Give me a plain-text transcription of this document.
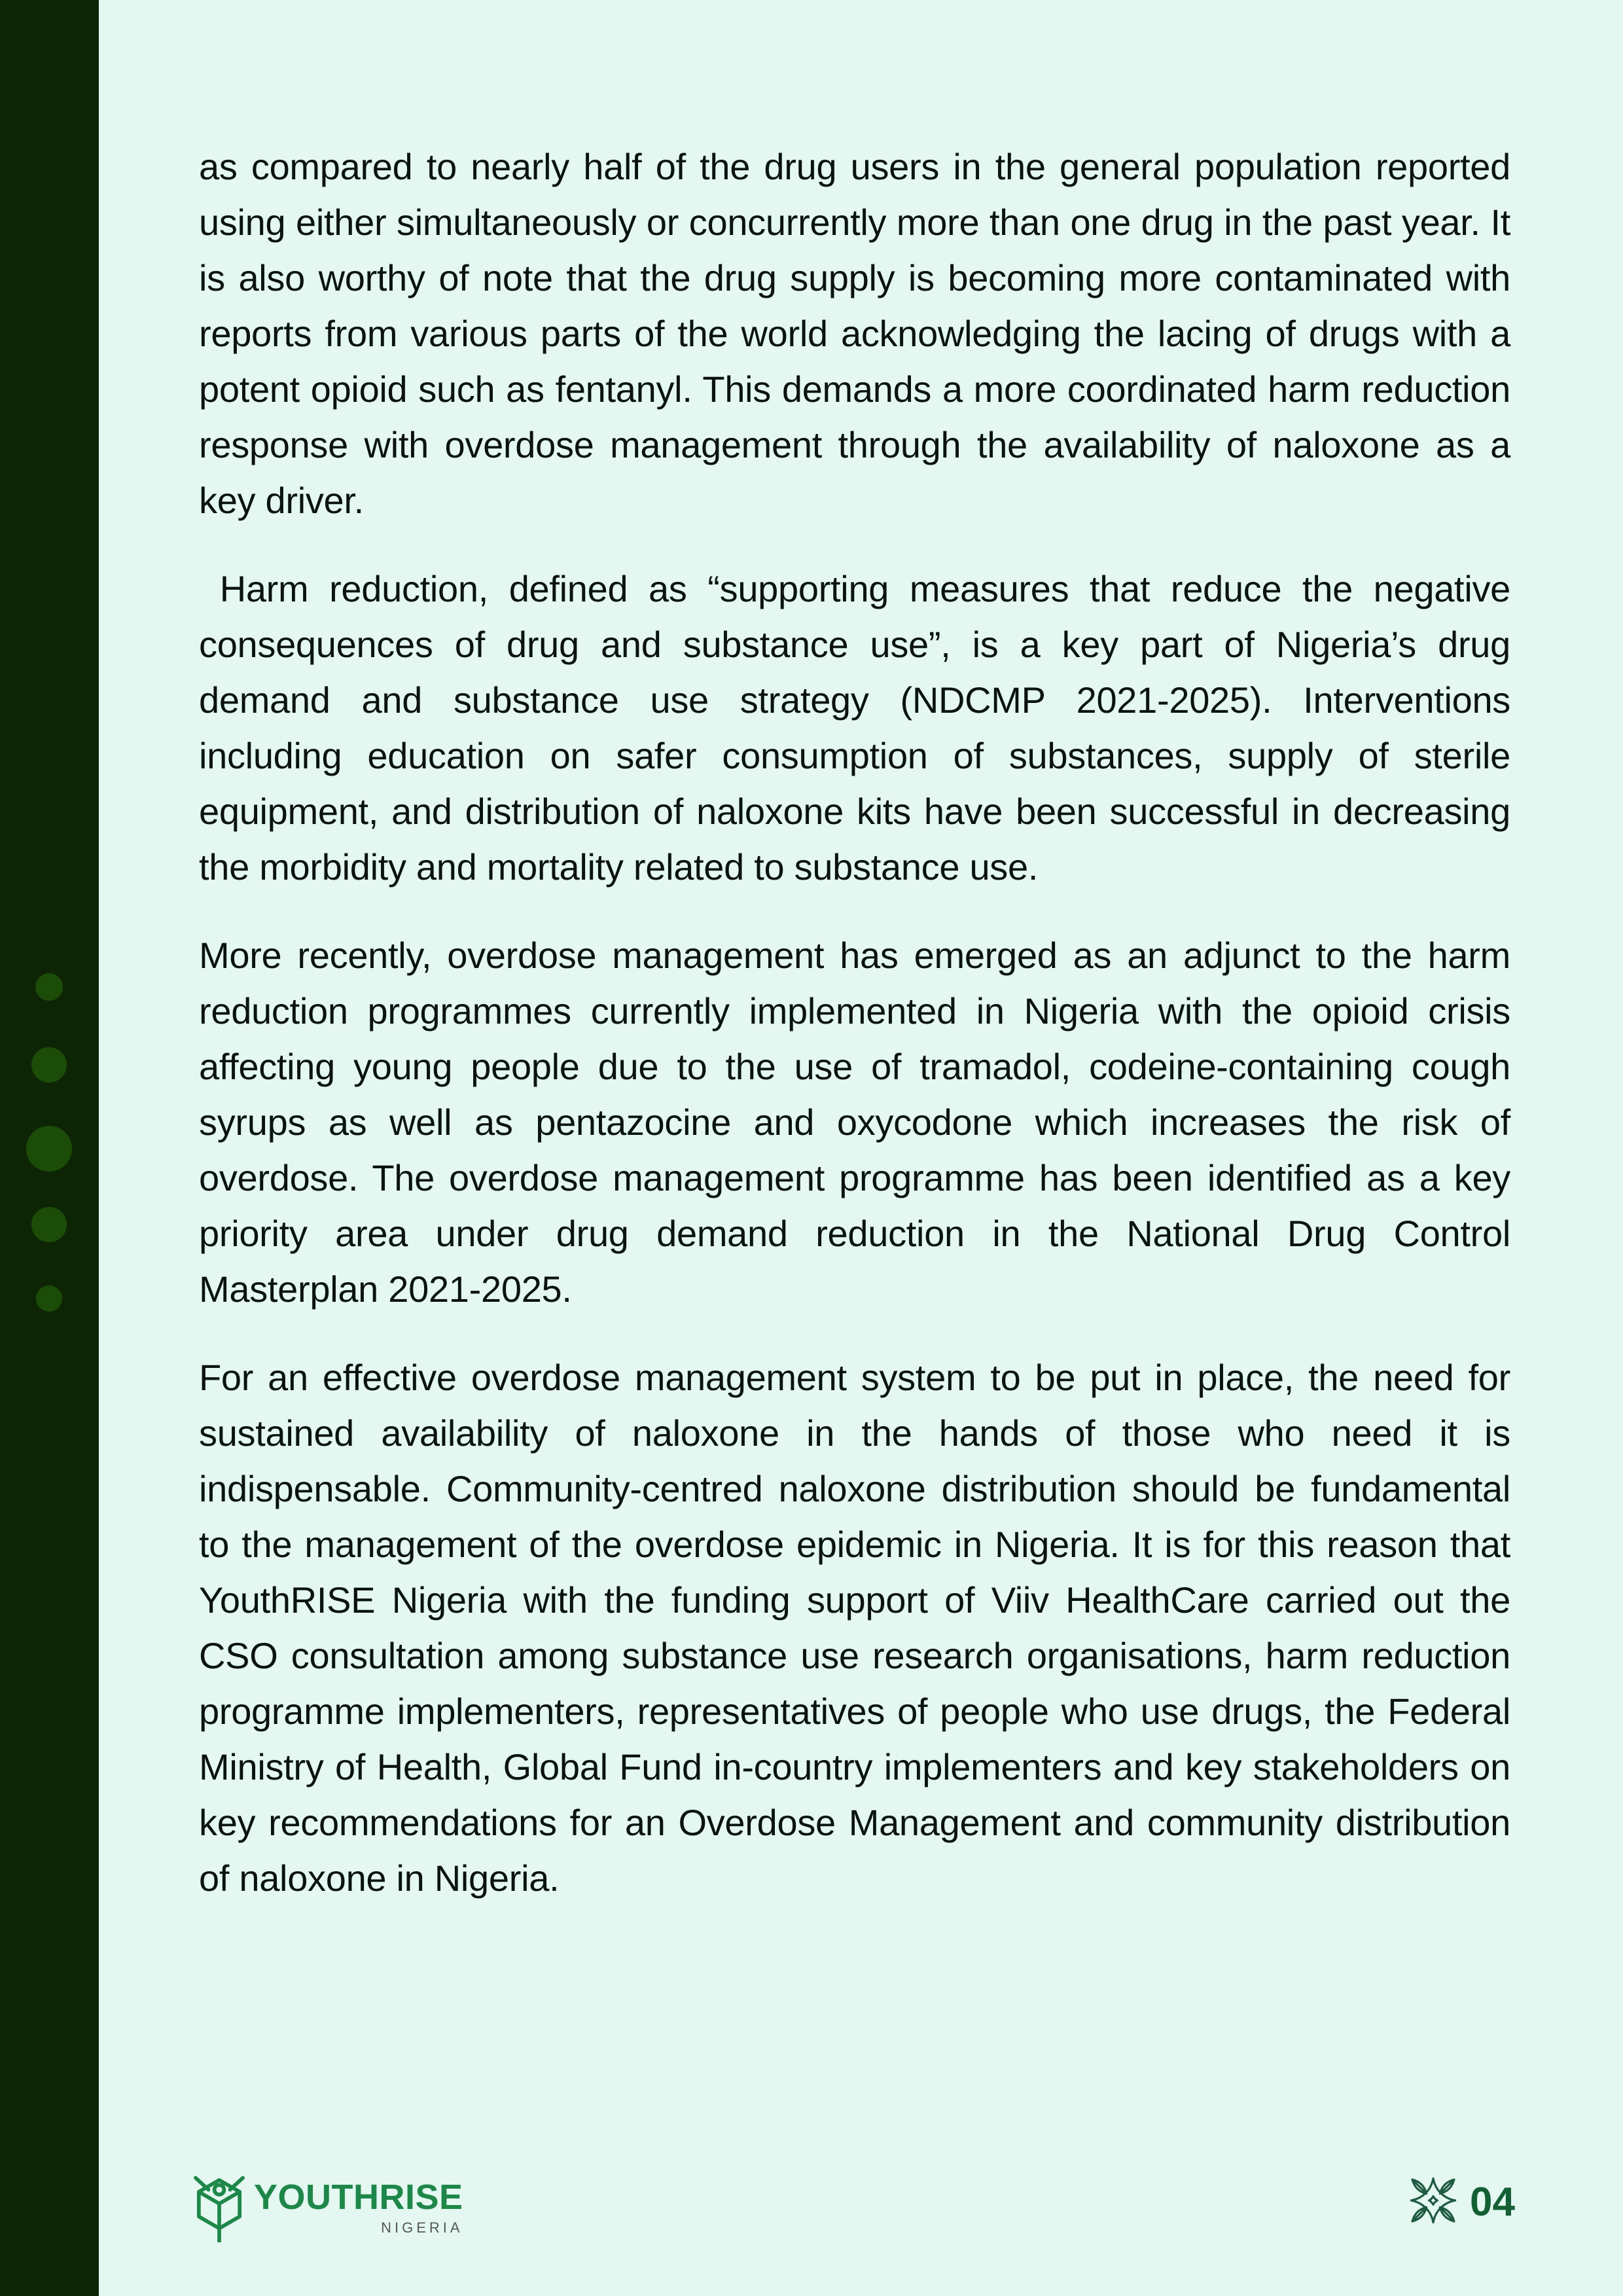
as compared to nearly half of the drug users in the general population reported using either simultaneously or concurrently more than one drug in the past year. It is also worthy of note that the drug supply is becoming more contaminated with reports from various parts of the world acknowledging the lacing of drugs with a potent opioid such as fentanyl. This demands a more coordinated harm reduction response with overdose management through the availability of naloxone as a key driver.

Harm reduction, defined as “supporting measures that reduce the negative consequences of drug and substance use”, is a key part of Nigeria’s drug demand and substance use strategy (NDCMP 2021-2025). Interventions including education on safer consumption of substances, supply of sterile equipment, and distribution of naloxone kits have been successful in decreasing the morbidity and mortality related to substance use.

More recently, overdose management has emerged as an adjunct to the harm reduction programmes currently implemented in Nigeria with the opioid crisis affecting young people due to the use of tramadol, codeine-containing cough syrups as well as pentazocine and oxycodone which increases the risk of overdose. The overdose management programme has been identified as a key priority area under drug demand reduction in the National Drug Control Masterplan 2021-2025.

For an effective overdose management system to be put in place, the need for sustained availability of naloxone in the hands of those who need it is indispensable. Community-centred naloxone distribution should be fundamental to the management of the overdose epidemic in Nigeria. It is for this reason that YouthRISE Nigeria with the funding support of Viiv HealthCare carried out the CSO consultation among substance use research organisations, harm reduction programme implementers, representatives of people who use drugs, the Federal Ministry of Health, Global Fund in-country implementers and key stakeholders on key recommendations for an Overdose Management and community distribution of naloxone in Nigeria.

YOUTHRISE
NIGERIA
04
